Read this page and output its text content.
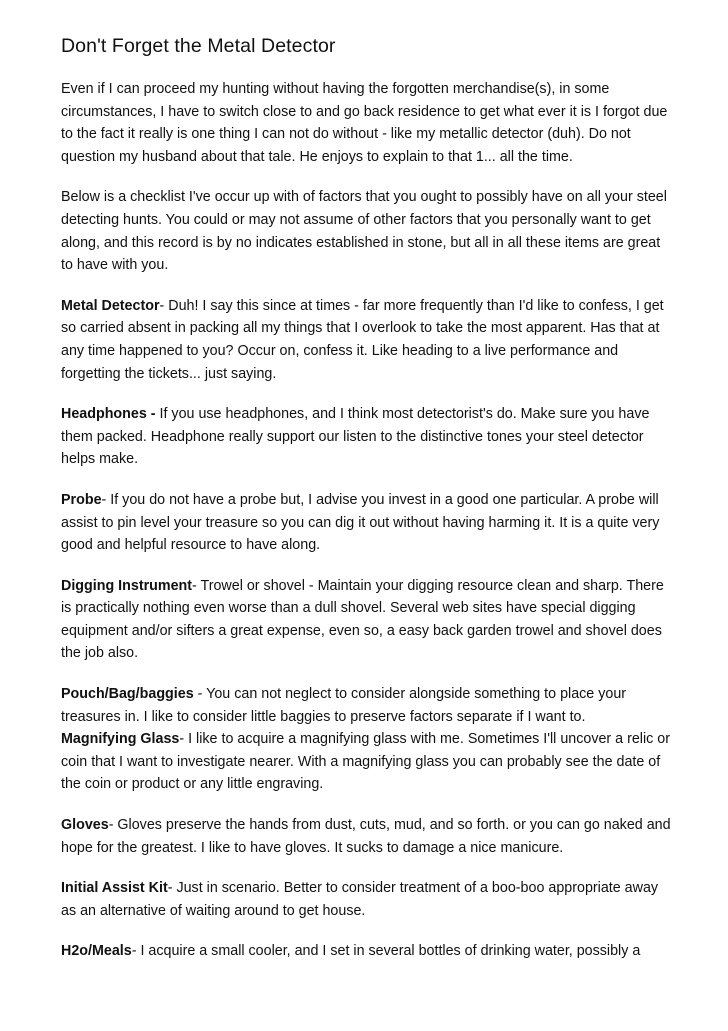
Don't Forget the Metal Detector

Even if I can proceed my hunting without having the forgotten merchandise(s), in some circumstances, I have to switch close to and go back residence to get what ever it is I forgot due to the fact it really is one thing I can not do without - like my metallic detector (duh). Do not question my husband about that tale. He enjoys to explain to that 1... all the time.

Below is a checklist I've occur up with of factors that you ought to possibly have on all your steel detecting hunts. You could or may not assume of other factors that you personally want to get along, and this record is by no indicates established in stone, but all in all these items are great to have with you.

Metal Detector- Duh! I say this since at times - far more frequently than I'd like to confess, I get so carried absent in packing all my things that I overlook to take the most apparent. Has that at any time happened to you? Occur on, confess it. Like heading to a live performance and forgetting the tickets... just saying.

Headphones - If you use headphones, and I think most detectorist's do. Make sure you have them packed. Headphone really support our listen to the distinctive tones your steel detector helps make.

Probe- If you do not have a probe but, I advise you invest in a good one particular. A probe will assist to pin level your treasure so you can dig it out without having harming it. It is a quite very good and helpful resource to have along.

Digging Instrument- Trowel or shovel - Maintain your digging resource clean and sharp. There is practically nothing even worse than a dull shovel. Several web sites have special digging equipment and/or sifters a great expense, even so, a easy back garden trowel and shovel does the job also.

Pouch/Bag/baggies - You can not neglect to consider alongside something to place your treasures in. I like to consider little baggies to preserve factors separate if I want to.

Magnifying Glass- I like to acquire a magnifying glass with me. Sometimes I'll uncover a relic or coin that I want to investigate nearer. With a magnifying glass you can probably see the date of the coin or product or any little engraving.

Gloves- Gloves preserve the hands from dust, cuts, mud, and so forth. or you can go naked and hope for the greatest. I like to have gloves. It sucks to damage a nice manicure.

Initial Assist Kit- Just in scenario. Better to consider treatment of a boo-boo appropriate away as an alternative of waiting around to get house.

H2o/Meals- I acquire a small cooler, and I set in several bottles of drinking water, possibly a
